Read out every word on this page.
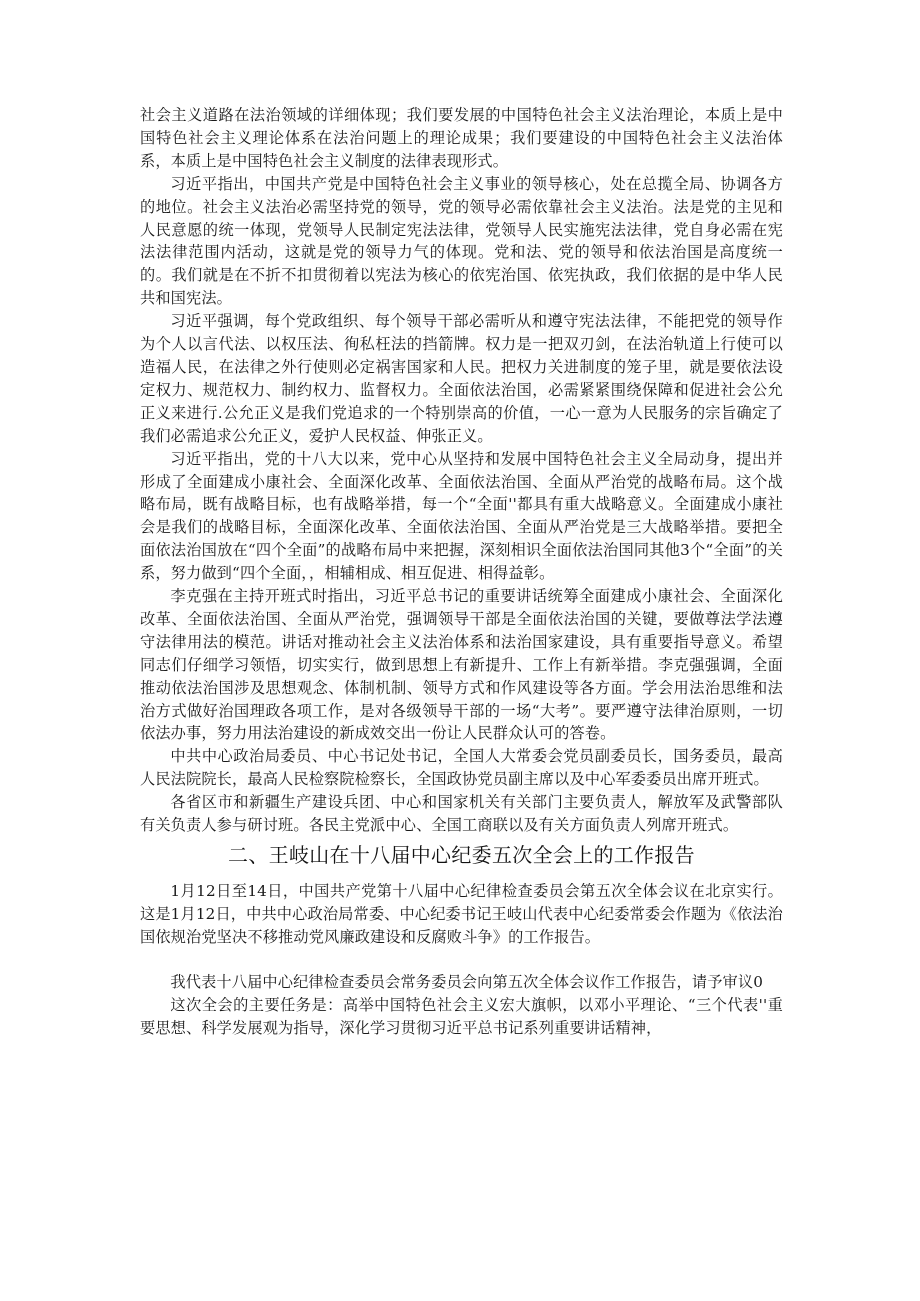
社会主义道路在法治领域的详细体现；我们要发展的中国特色社会主义法治理论，本质上是中国特色社会主义理论体系在法治问题上的理论成果；我们要建设的中国特色社会主义法治体系，本质上是中国特色社会主义制度的法律表现形式。

习近平指出，中国共产党是中国特色社会主义事业的领导核心，处在总揽全局、协调各方的地位。社会主义法治必需坚持党的领导，党的领导必需依靠社会主义法治。法是党的主见和人民意愿的统一体现，党领导人民制定宪法法律，党领导人民实施宪法法律，党自身必需在宪法法律范围内活动，这就是党的领导力气的体现。党和法、党的领导和依法治国是高度统一的。我们就是在不折不扣贯彻着以宪法为核心的依宪治国、依宪执政，我们依据的是中华人民共和国宪法。

习近平强调，每个党政组织、每个领导干部必需听从和遵守宪法法律，不能把党的领导作为个人以言代法、以权压法、徇私枉法的挡箭牌。权力是一把双刃剑，在法治轨道上行使可以造福人民，在法律之外行使则必定祸害国家和人民。把权力关进制度的笼子里，就是要依法设定权力、规范权力、制约权力、监督权力。全面依法治国，必需紧紧围绕保障和促进社会公允正义来进行.公允正义是我们党追求的一个特别崇高的价值，一心一意为人民服务的宗旨确定了我们必需追求公允正义，爱护人民权益、伸张正义。

习近平指出，党的十八大以来，党中心从坚持和发展中国特色社会主义全局动身，提出并形成了全面建成小康社会、全面深化改革、全面依法治国、全面从严治党的战略布局。这个战略布局，既有战略目标，也有战略举措，每一个“全面''都具有重大战略意义。全面建成小康社会是我们的战略目标，全面深化改革、全面依法治国、全面从严治党是三大战略举措。要把全面依法治国放在“四个全面”的战略布局中来把握，深刻相识全面依法治国同其他3个“全面”的关系，努力做到“四个全面，，相辅相成、相互促进、相得益彰。

李克强在主持开班式时指出，习近平总书记的重要讲话统筹全面建成小康社会、全面深化改革、全面依法治国、全面从严治党，强调领导干部是全面依法治国的关键，要做尊法学法遵守法律用法的模范。讲话对推动社会主义法治体系和法治国家建设，具有重要指导意义。希望同志们仔细学习领悟，切实实行，做到思想上有新提升、工作上有新举措。李克强强调，全面推动依法治国涉及思想观念、体制机制、领导方式和作风建设等各方面。学会用法治思维和法治方式做好治国理政各项工作，是对各级领导干部的一场“大考”。要严遵守法律治原则，一切依法办事，努力用法治建设的新成效交出一份让人民群众认可的答卷。

中共中心政治局委员、中心书记处书记，全国人大常委会党员副委员长，国务委员，最高人民法院院长，最高人民检察院检察长，全国政协党员副主席以及中心军委委员出席开班式。

各省区市和新疆生产建设兵团、中心和国家机关有关部门主要负责人，解放军及武警部队有关负责人参与研讨班。各民主党派中心、全国工商联以及有关方面负责人列席开班式。

二、王岐山在十八届中心纪委五次全会上的工作报告

1月12日至14日，中国共产党第十八届中心纪律检查委员会第五次全体会议在北京实行。这是1月12日，中共中心政治局常委、中心纪委书记王岐山代表中心纪委常委会作题为《依法治国依规治党坚决不移推动党风廉政建设和反腐败斗争》的工作报告。

我代表十八届中心纪律检查委员会常务委员会向第五次全体会议作工作报告，请予审议0

这次全会的主要任务是：高举中国特色社会主义宏大旗帜，以邓小平理论、“三个代表''重要思想、科学发展观为指导，深化学习贯彻习近平总书记系列重要讲话精神，
